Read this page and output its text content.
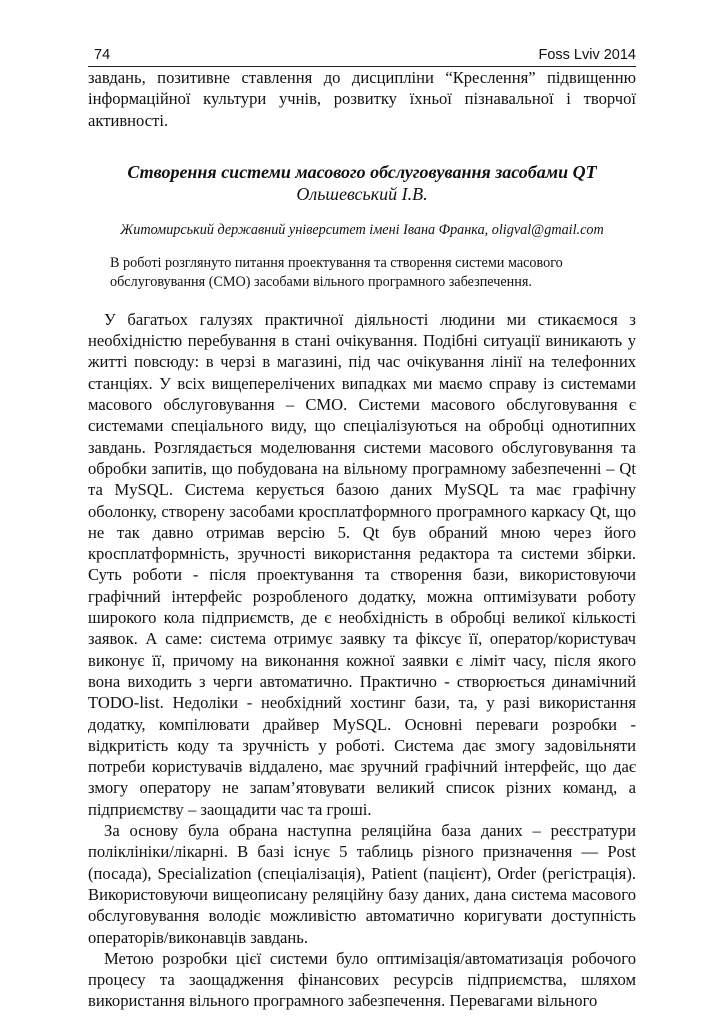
74	Foss Lviv 2014

завдань, позитивне ставлення до дисципліни “Креслення” підвищенню інформаційної культури учнів, розвитку їхньої пізнавальної і творчої активності.

Створення системи масового обслуговування засобами QT

Ольшевський І.В.

Житомирський державний університет імені Івана Франка, oligval@gmail.com

В роботі розглянуто питання проектування та створення системи масового обслуговування (СМО) засобами вільного програмного забезпечення.

У багатьох галузях практичної діяльності людини ми стикаємося з необхідністю перебування в стані очікування. Подібні ситуації виникають у житті повсюду: в черзі в магазині, під час очікування лінії на телефонних станціях. У всіх вищеперелічених випадках ми маємо справу із системами масового обслуговування – СМО. Системи масового обслуговування є системами спеціального виду, що спеціалізуються на обробці однотипних завдань. Розглядається моделювання системи масового обслуговування та обробки запитів, що побудована на вільному програмному забезпеченні – Qt та MySQL. Система керується базою даних MySQL та має графічну оболонку, створену засобами кросплатформного програмного каркасу Qt, що не так давно отримав версію 5. Qt був обраний мною через його кросплатформність, зручності використання редактора та системи збірки. Суть роботи - після проектування та створення бази, використовуючи графічний інтерфейс розробленого додатку, можна оптимізувати роботу широкого кола підприємств, де є необхідність в обробці великої кількості заявок. А саме: система отримує заявку та фіксує її, оператор/користувач виконує її, причому на виконання кожної заявки є ліміт часу, після якого вона виходить з черги автоматично. Практично - створюється динамічний TODO-list. Недоліки - необхідний хостинг бази, та, у разі використання додатку, компілювати драйвер MySQL. Основні переваги розробки - відкритість коду та зручність у роботі. Система дає змогу задовільняти потреби користувачів віддалено, має зручний графічний інтерфейс, що дає змогу оператору не запам’ятовувати великий список різних команд, а підприємству – заощадити час та гроші.

За основу була обрана наступна реляційна база даних – реєстратури поліклініки/лікарні. В базі існує 5 таблиць різного призначення — Post (посада), Specialization (спеціалізація), Patient (пацієнт), Order (регістрація). Використовуючи вищеописану реляційну базу даних, дана система масового обслуговування володіє можливістю автоматично коригувати доступність операторів/виконавців завдань.

Метою розробки цієї системи було оптимізація/автоматизація робочого процесу та заощадження фінансових ресурсів підприємства, шляхом використання вільного програмного забезпечення. Перевагами вільного
